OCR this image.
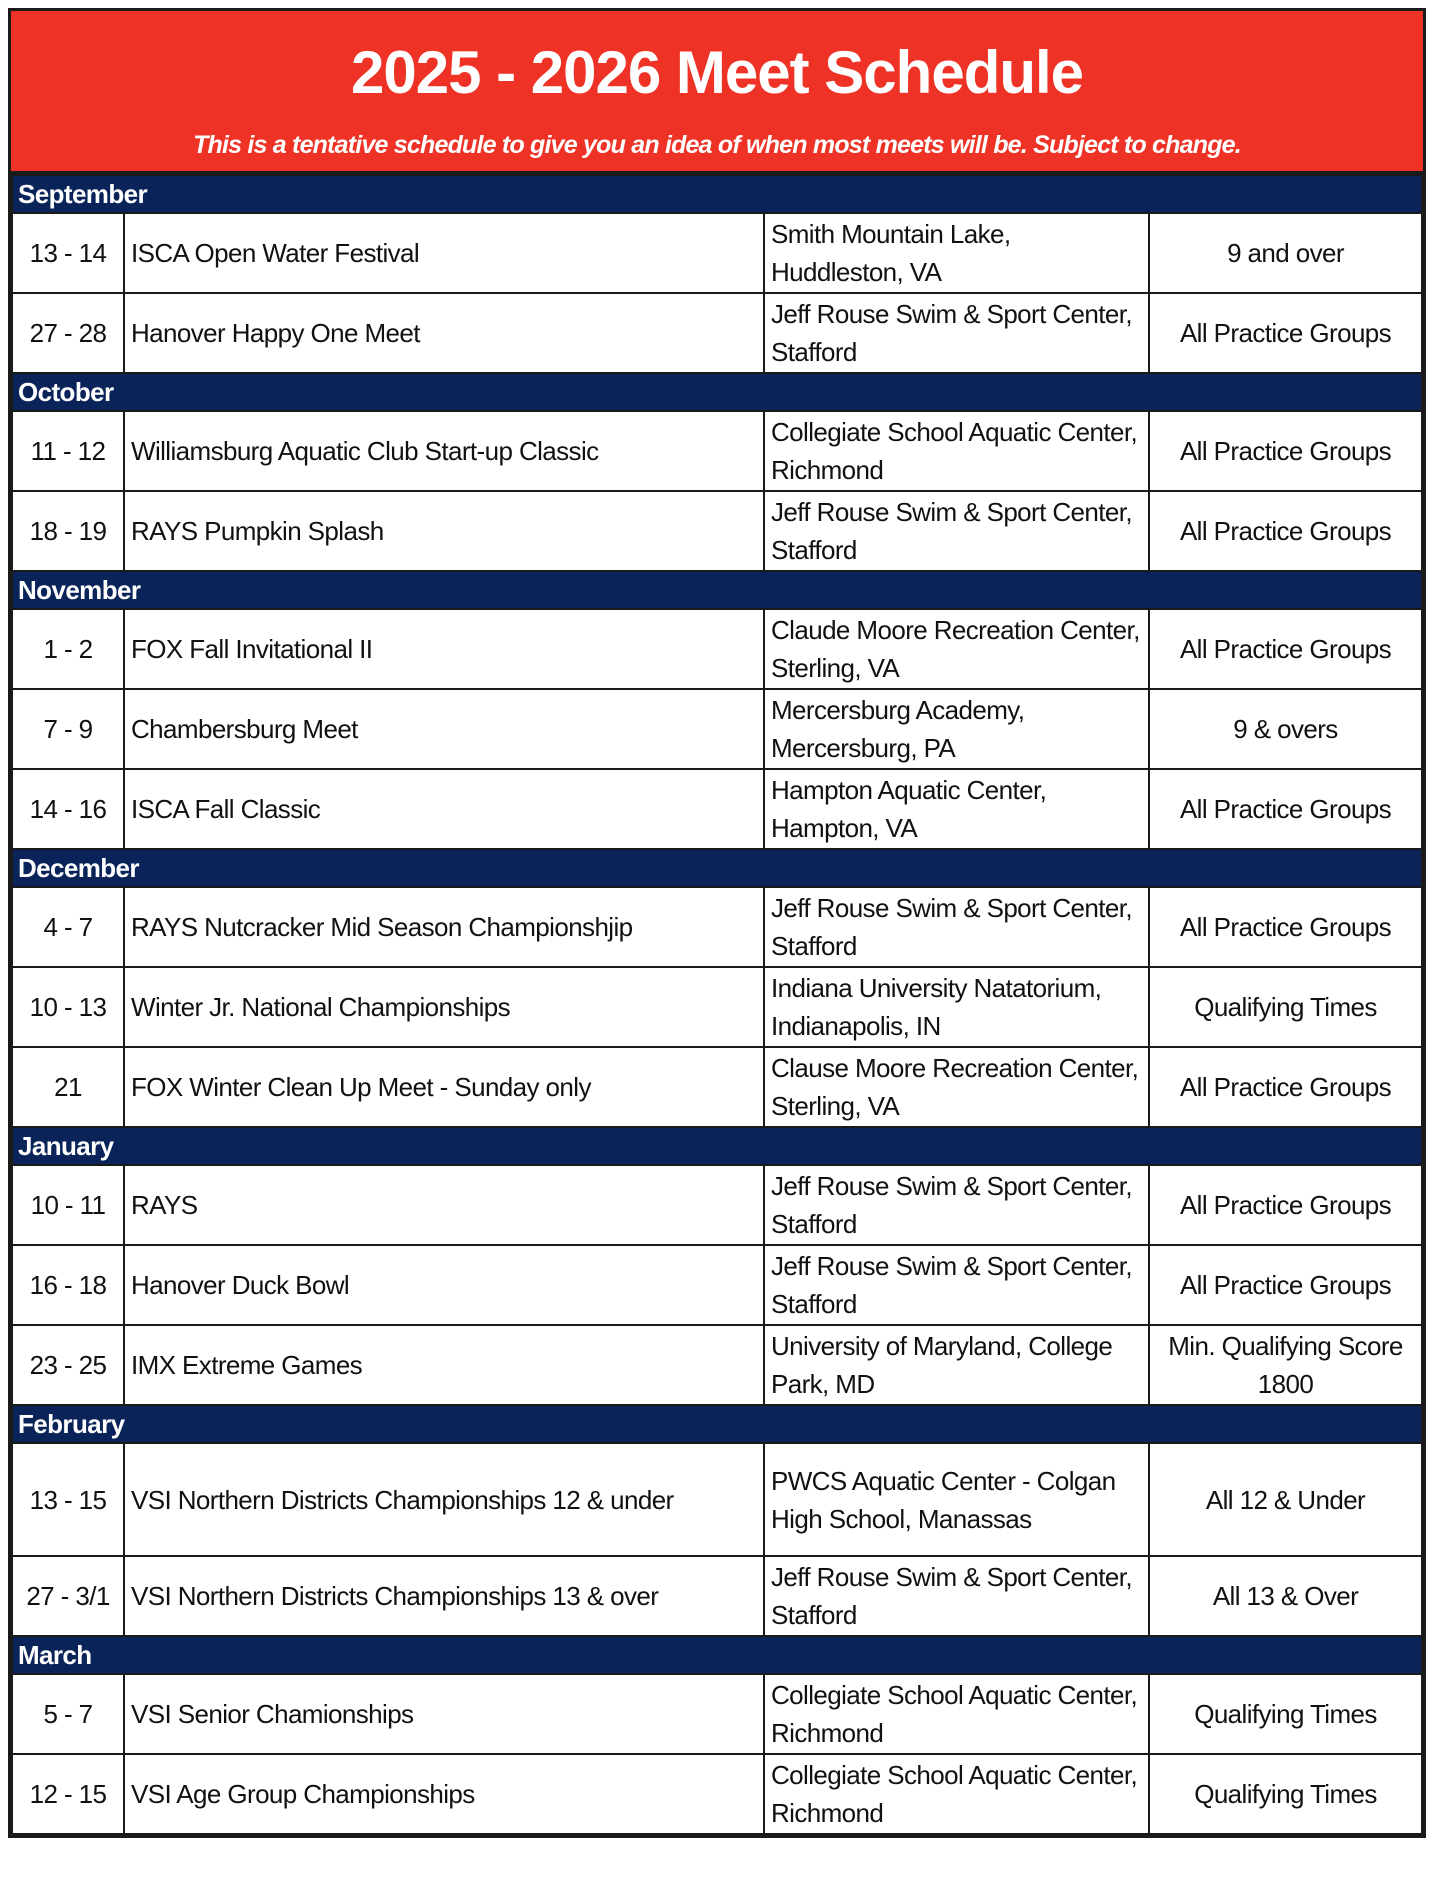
2025 - 2026 Meet Schedule
This is a tentative schedule to give you an idea of when most meets will be. Subject to change.
September			
13 - 14	ISCA Open Water Festival	Smith Mountain Lake, Huddleston, VA	9 and over
27 - 28	Hanover Happy One Meet	Jeff Rouse Swim & Sport Center, Stafford	All Practice Groups
October			
11 - 12	Williamsburg Aquatic Club Start-up Classic	Collegiate School Aquatic Center, Richmond	All Practice Groups
18 - 19	RAYS Pumpkin Splash	Jeff Rouse Swim & Sport Center, Stafford	All Practice Groups
November			
1 - 2	FOX Fall Invitational II	Claude Moore Recreation Center, Sterling, VA	All Practice Groups
7 - 9	Chambersburg Meet	Mercersburg Academy, Mercersburg, PA	9 & overs
14 - 16	ISCA Fall Classic	Hampton Aquatic Center, Hampton, VA	All Practice Groups
December			
4 - 7	RAYS Nutcracker Mid Season Championshjip	Jeff Rouse Swim & Sport Center, Stafford	All Practice Groups
10 - 13	Winter Jr. National Championships	Indiana University Natatorium, Indianapolis, IN	Qualifying Times
21	FOX Winter Clean Up Meet - Sunday only	Clause Moore Recreation Center, Sterling, VA	All Practice Groups
January			
10 - 11	RAYS	Jeff Rouse Swim & Sport Center, Stafford	All Practice Groups
16 - 18	Hanover Duck Bowl	Jeff Rouse Swim & Sport Center, Stafford	All Practice Groups
23 - 25	IMX Extreme Games	University of Maryland, College Park, MD	Min. Qualifying Score 1800
February			
13 - 15	VSI Northern Districts Championships 12 & under	PWCS Aquatic Center - Colgan High School, Manassas	All 12 & Under
27 - 3/1	VSI Northern Districts Championships 13 & over	Jeff Rouse Swim & Sport Center, Stafford	All 13 & Over
March			
5 - 7	VSI Senior Chamionships	Collegiate School Aquatic Center, Richmond	Qualifying Times
12 - 15	VSI Age Group Championships	Collegiate School Aquatic Center, Richmond	Qualifying Times
